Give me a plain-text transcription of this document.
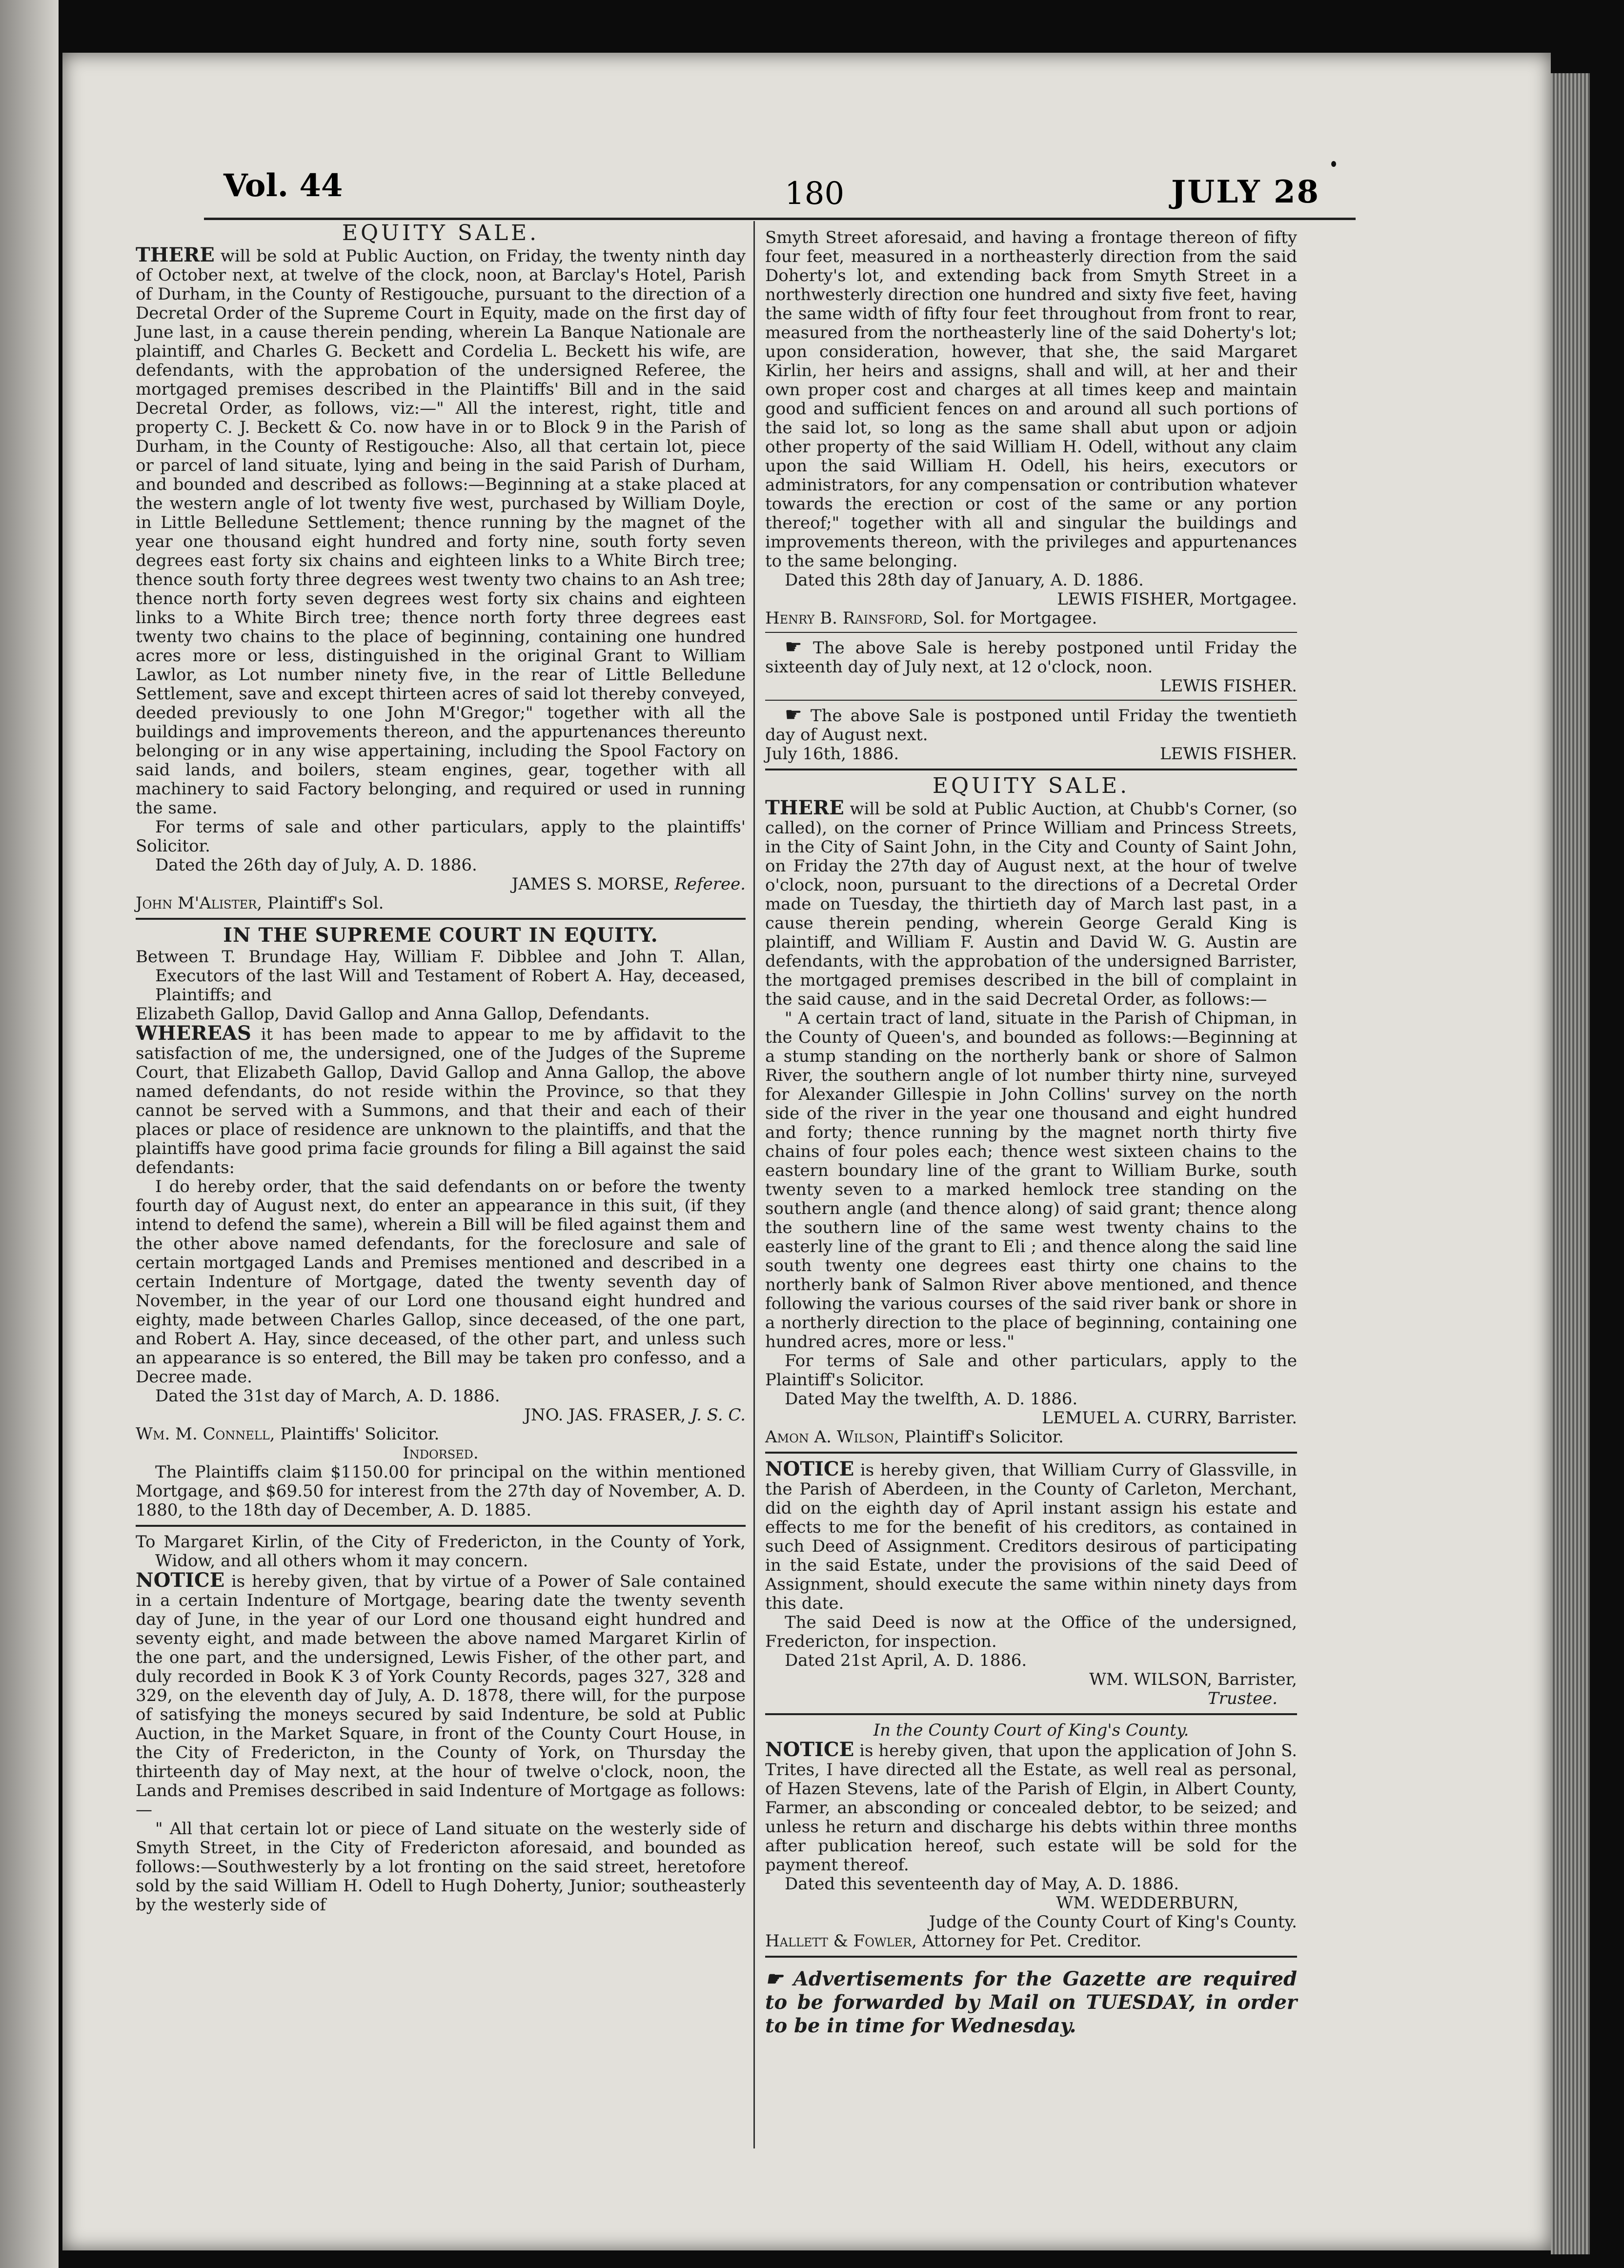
Vol. 44	180	JULY 28
EQUITY SALE.

THERE will be sold at Public Auction, on Friday, the twenty ninth day of October next, at twelve of the clock, noon, at Barclay's Hotel, Parish of Durham, in the County of Restigouche, pursuant to the direction of a Decretal Order of the Supreme Court in Equity, made on the first day of June last, in a cause therein pending, wherein La Banque Nationale are plaintiff, and Charles G. Beckett and Cordelia L. Beckett his wife, are defendants, with the approbation of the undersigned Referee, the mortgaged premises described in the Plaintiffs' Bill and in the said Decretal Order, as follows, viz:—" All the interest, right, title and property C. J. Beckett & Co. now have in or to Block 9 in the Parish of Durham, in the County of Restigouche: Also, all that certain lot, piece or parcel of land situate, lying and being in the said Parish of Durham, and bounded and described as follows:—Beginning at a stake placed at the western angle of lot twenty five west, purchased by William Doyle, in Little Belledune Settlement; thence running by the magnet of the year one thousand eight hundred and forty nine, south forty seven degrees east forty six chains and eighteen links to a White Birch tree; thence south forty three degrees west twenty two chains to an Ash tree; thence north forty seven degrees west forty six chains and eighteen links to a White Birch tree; thence north forty three degrees east twenty two chains to the place of beginning, containing one hundred acres more or less, distinguished in the original Grant to William Lawlor, as Lot number ninety five, in the rear of Little Belledune Settlement, save and except thirteen acres of said lot thereby conveyed, deeded previously to one John M'Gregor;" together with all the buildings and improvements thereon, and the appurtenances thereunto belonging or in any wise appertaining, including the Spool Factory on said lands, and boilers, steam engines, gear, together with all machinery to said Factory belonging, and required or used in running the same.

For terms of sale and other particulars, apply to the plaintiffs' Solicitor.

Dated the 26th day of July, A. D. 1886.

JAMES S. MORSE, Referee.

John M'Alister, Plaintiff's Sol.

IN THE SUPREME COURT IN EQUITY.

Between T. Brundage Hay, William F. Dibblee and John T. Allan, Executors of the last Will and Testament of Robert A. Hay, deceased, Plaintiffs; and

Elizabeth Gallop, David Gallop and Anna Gallop, Defendants.

WHEREAS it has been made to appear to me by affidavit to the satisfaction of me, the undersigned, one of the Judges of the Supreme Court, that Elizabeth Gallop, David Gallop and Anna Gallop, the above named defendants, do not reside within the Province, so that they cannot be served with a Summons, and that their and each of their places or place of residence are unknown to the plaintiffs, and that the plaintiffs have good prima facie grounds for filing a Bill against the said defendants:

I do hereby order, that the said defendants on or before the twenty fourth day of August next, do enter an appearance in this suit, (if they intend to defend the same), wherein a Bill will be filed against them and the other above named defendants, for the foreclosure and sale of certain mortgaged Lands and Premises mentioned and described in a certain Indenture of Mortgage, dated the twenty seventh day of November, in the year of our Lord one thousand eight hundred and eighty, made between Charles Gallop, since deceased, of the one part, and Robert A. Hay, since deceased, of the other part, and unless such an appearance is so entered, the Bill may be taken pro confesso, and a Decree made.

Dated the 31st day of March, A. D. 1886.

JNO. JAS. FRASER, J. S. C.

Wm. M. Connell, Plaintiffs' Solicitor.

Indorsed.

The Plaintiffs claim $1150.00 for principal on the within mentioned Mortgage, and $69.50 for interest from the 27th day of November, A. D. 1880, to the 18th day of December, A. D. 1885.

To Margaret Kirlin, of the City of Fredericton, in the County of York, Widow, and all others whom it may concern.

NOTICE is hereby given, that by virtue of a Power of Sale contained in a certain Indenture of Mortgage, bearing date the twenty seventh day of June, in the year of our Lord one thousand eight hundred and seventy eight, and made between the above named Margaret Kirlin of the one part, and the undersigned, Lewis Fisher, of the other part, and duly recorded in Book K 3 of York County Records, pages 327, 328 and 329, on the eleventh day of July, A. D. 1878, there will, for the purpose of satisfying the moneys secured by said Indenture, be sold at Public Auction, in the Market Square, in front of the County Court House, in the City of Fredericton, in the County of York, on Thursday the thirteenth day of May next, at the hour of twelve o'clock, noon, the Lands and Premises described in said Indenture of Mortgage as follows:—

" All that certain lot or piece of Land situate on the westerly side of Smyth Street, in the City of Fredericton aforesaid, and bounded as follows:—Southwesterly by a lot fronting on the said street, heretofore sold by the said William H. Odell to Hugh Doherty, Junior; southeasterly by the westerly side of

Smyth Street aforesaid, and having a frontage thereon of fifty four feet, measured in a northeasterly direction from the said Doherty's lot, and extending back from Smyth Street in a northwesterly direction one hundred and sixty five feet, having the same width of fifty four feet throughout from front to rear, measured from the northeasterly line of the said Doherty's lot; upon consideration, however, that she, the said Margaret Kirlin, her heirs and assigns, shall and will, at her and their own proper cost and charges at all times keep and maintain good and sufficient fences on and around all such portions of the said lot, so long as the same shall abut upon or adjoin other property of the said William H. Odell, without any claim upon the said William H. Odell, his heirs, executors or administrators, for any compensation or contribution whatever towards the erection or cost of the same or any portion thereof;" together with all and singular the buildings and improvements thereon, with the privileges and appurtenances to the same belonging.

Dated this 28th day of January, A. D. 1886.

LEWIS FISHER, Mortgagee.

Henry B. Rainsford, Sol. for Mortgagee.

☛ The above Sale is hereby postponed until Friday the sixteenth day of July next, at 12 o'clock, noon.

LEWIS FISHER.

☛ The above Sale is postponed until Friday the twentieth day of August next.

July 16th, 1886.	LEWIS FISHER.
EQUITY SALE.

THERE will be sold at Public Auction, at Chubb's Corner, (so called), on the corner of Prince William and Princess Streets, in the City of Saint John, in the City and County of Saint John, on Friday the 27th day of August next, at the hour of twelve o'clock, noon, pursuant to the directions of a Decretal Order made on Tuesday, the thirtieth day of March last past, in a cause therein pending, wherein George Gerald King is plaintiff, and William F. Austin and David W. G. Austin are defendants, with the approbation of the undersigned Barrister, the mortgaged premises described in the bill of complaint in the said cause, and in the said Decretal Order, as follows:—

" A certain tract of land, situate in the Parish of Chipman, in the County of Queen's, and bounded as follows:—Beginning at a stump standing on the northerly bank or shore of Salmon River, the southern angle of lot number thirty nine, surveyed for Alexander Gillespie in John Collins' survey on the north side of the river in the year one thousand and eight hundred and forty; thence running by the magnet north thirty five chains of four poles each; thence west sixteen chains to the eastern boundary line of the grant to William Burke, south twenty seven to a marked hemlock tree standing on the southern angle (and thence along) of said grant; thence along the southern line of the same west twenty chains to the easterly line of the grant to Eli ; and thence along the said line south twenty one degrees east thirty one chains to the northerly bank of Salmon River above mentioned, and thence following the various courses of the said river bank or shore in a northerly direction to the place of beginning, containing one hundred acres, more or less."

For terms of Sale and other particulars, apply to the Plaintiff's Solicitor.

Dated May the twelfth, A. D. 1886.

LEMUEL A. CURRY, Barrister.

Amon A. Wilson, Plaintiff's Solicitor.

NOTICE is hereby given, that William Curry of Glassville, in the Parish of Aberdeen, in the County of Carleton, Merchant, did on the eighth day of April instant assign his estate and effects to me for the benefit of his creditors, as contained in such Deed of Assignment. Creditors desirous of participating in the said Estate, under the provisions of the said Deed of Assignment, should execute the same within ninety days from this date.

The said Deed is now at the Office of the undersigned, Fredericton, for inspection.

Dated 21st April, A. D. 1886.

WM. WILSON, Barrister,

Trustee.

In the County Court of King's County.

NOTICE is hereby given, that upon the application of John S. Trites, I have directed all the Estate, as well real as personal, of Hazen Stevens, late of the Parish of Elgin, in Albert County, Farmer, an absconding or concealed debtor, to be seized; and unless he return and discharge his debts within three months after publication hereof, such estate will be sold for the payment thereof.

Dated this seventeenth day of May, A. D. 1886.

WM. WEDDERBURN,

Judge of the County Court of King's County.

Hallett & Fowler, Attorney for Pet. Creditor.

☛ Advertisements for the Gazette are required to be forwarded by Mail on TUESDAY, in order to be in time for Wednesday.
